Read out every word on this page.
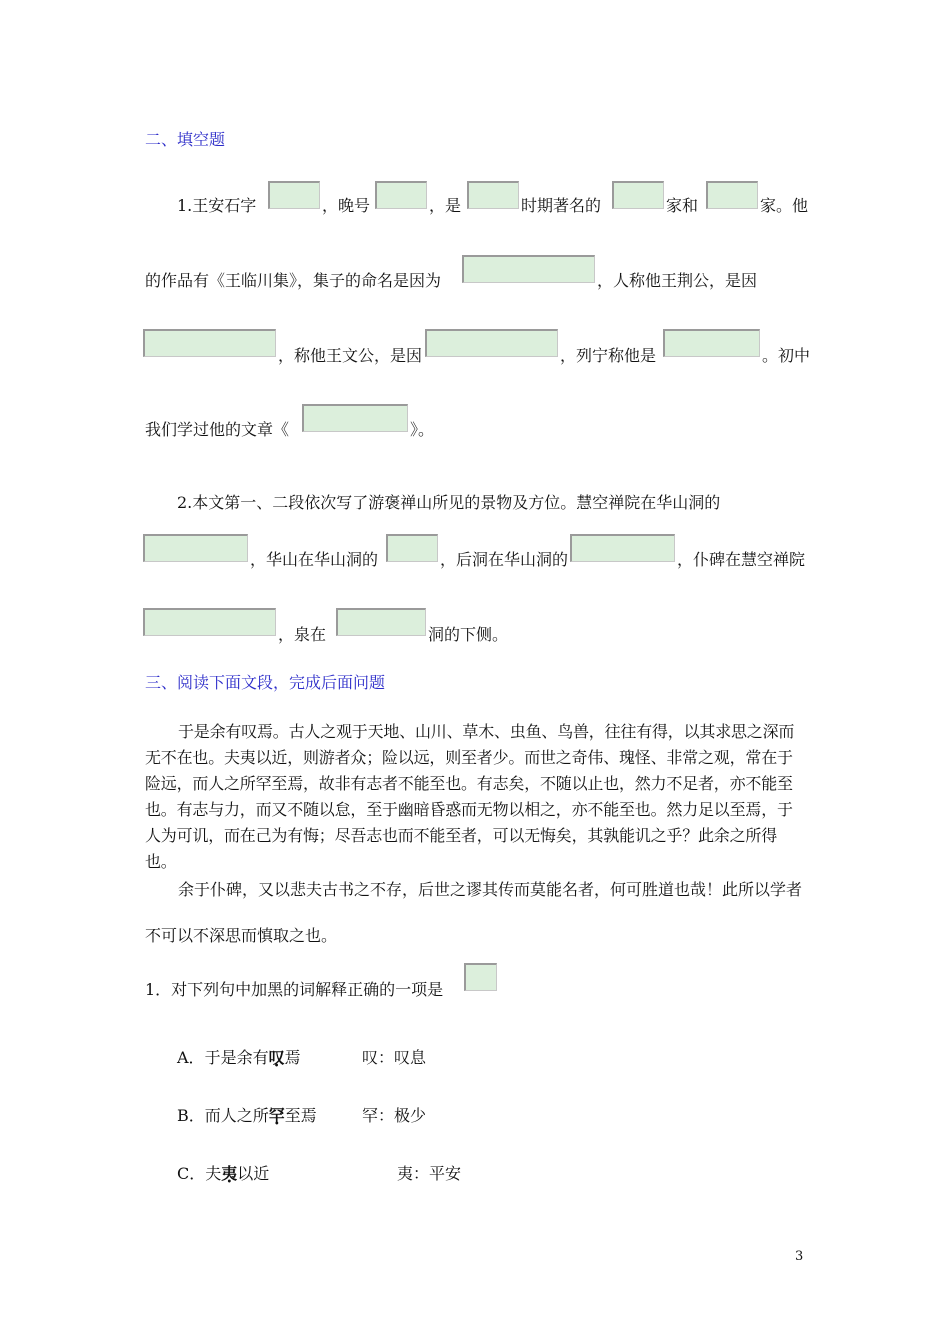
二、填空题
1.王安石字	，晚号	，是	时期著名的	家和	家。他
的作品有《王临川集》，集子的命名是因为	，人称他王荆公，是因
，称他王文公，是因	，列宁称他是	。初中
我们学过他的文章《	》。
2.本文第一、二段依次写了游褒禅山所见的景物及方位。慧空禅院在华山洞的
，华山在华山洞的	，后洞在华山洞的	，仆碑在慧空禅院
，泉在	洞的下侧。
三、阅读下面文段，完成后面问题
于是余有叹焉。古人之观于天地、山川、草木、虫鱼、鸟兽，往往有得，以其求思之深而无不在也。夫夷以近，则游者众；险以远，则至者少。而世之奇伟、瑰怪、非常之观，常在于险远，而人之所罕至焉，故非有志者不能至也。有志矣，不随以止也，然力不足者，亦不能至也。有志与力，而又不随以怠，至于幽暗昏惑而无物以相之，亦不能至也。然力足以至焉，于人为可讥，而在己为有悔；尽吾志也而不能至者，可以无悔矣，其孰能讥之乎？此余之所得也。
余于仆碑，又以悲夫古书之不存，后世之谬其传而莫能名者，何可胜道也哉！此所以学者不可以不深思而慎取之也。
1．对下列句中加黑的词解释正确的一项是
A．于是余有叹焉	叹：叹息
B．而人之所罕至焉	罕：极少
C．夫夷以近	夷：平安
3
